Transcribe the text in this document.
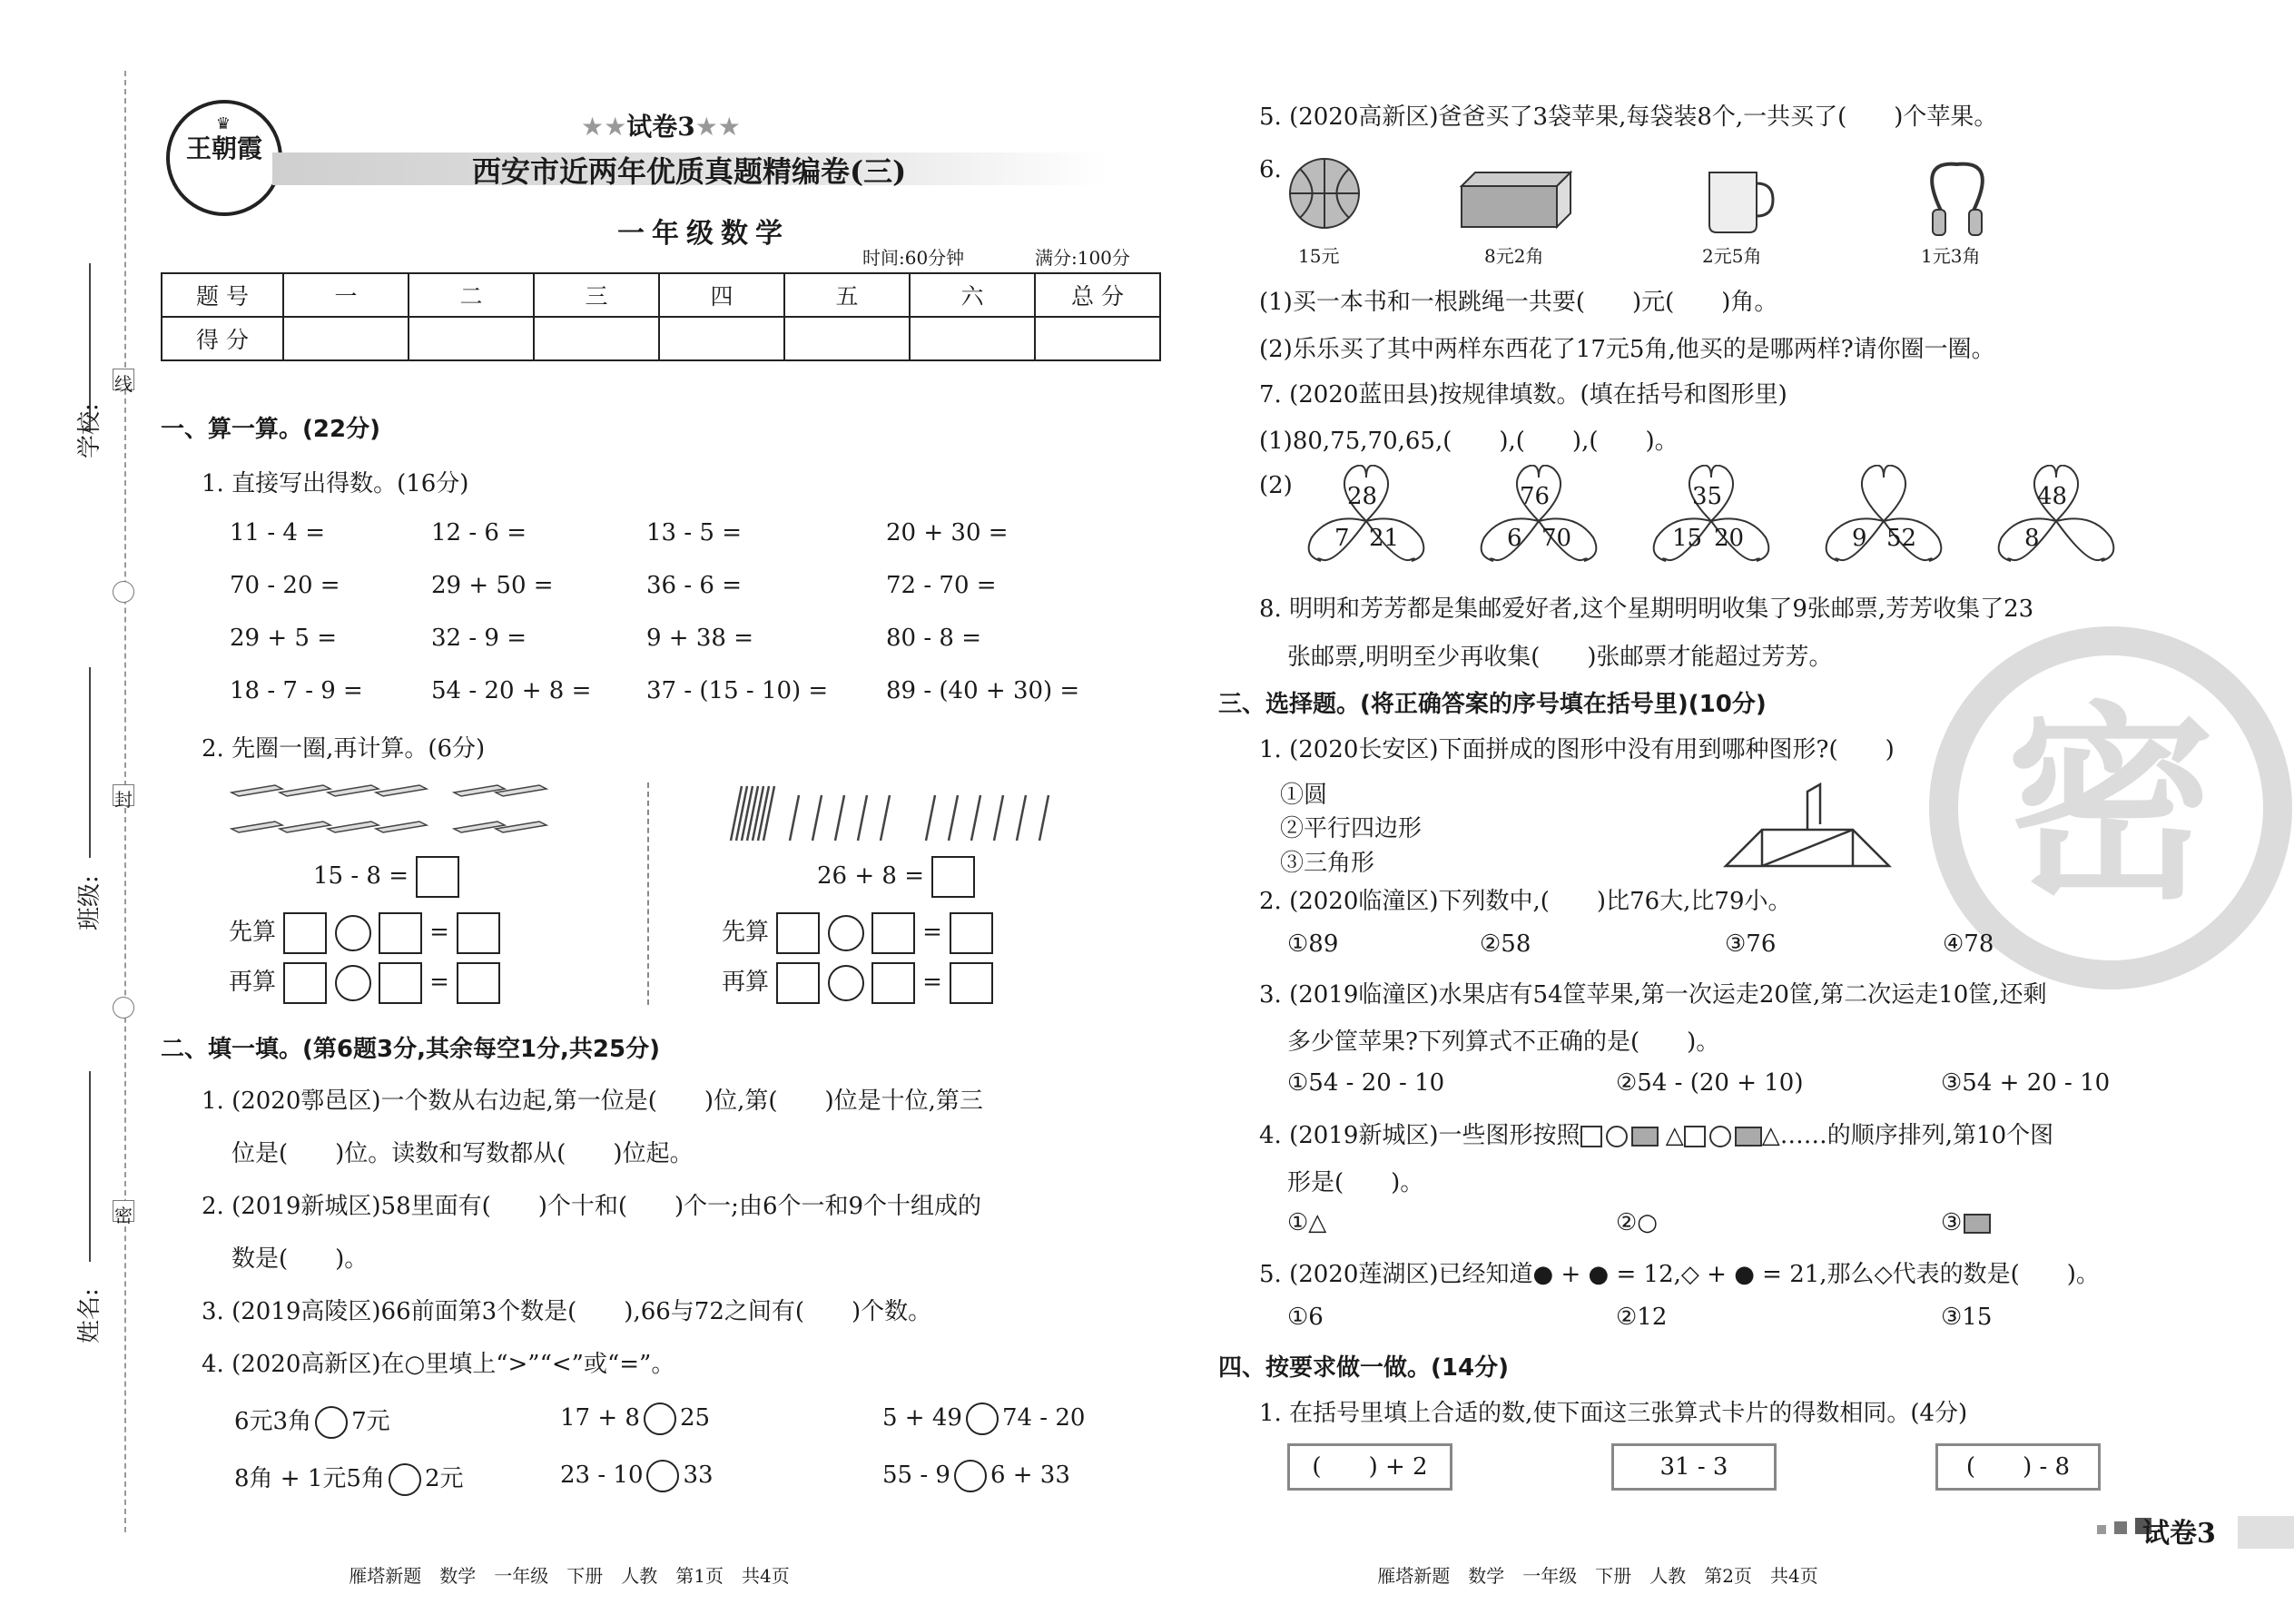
学校:
班级:
姓名:
线
封
密
♛
王朝霞
★★试卷3★★
西安市近两年优质真题精编卷(三)
一年级数学
时间:60分钟	满分:100分
题 号	一	二	三	四	五	六	总 分
得 分							
一、算一算。(22分)
1. 直接写出得数。(16分)
11 - 4 =	12 - 6 =	13 - 5 =	20 + 30 =
70 - 20 =	29 + 50 =	36 - 6 =	72 - 70 =
29 + 5 =	32 - 9 =	9 + 38 =	80 - 8 =
18 - 7 - 9 =	54 - 20 + 8 = 37 - (15 - 10) = 89 - (40 + 30) =
2. 先圈一圈,再计算。(6分)
15 - 8 =	26 + 8 =
先算	=
再算	=
先算	=
再算	=
二、填一填。(第6题3分,其余每空1分,共25分)
1. (2020鄠邑区)一个数从右边起,第一位是(　　)位,第(　　)位是十位,第三
位是(　　)位。读数和写数都从(　　)位起。
2. (2019新城区)58里面有(　　)个十和(　　)个一;由6个一和9个十组成的
数是(　　)。
3. (2019高陵区)66前面第3个数是(　　),66与72之间有(　　)个数。
4. (2020高新区)在○里填上“>”“<”或“=”。
6元3角 7元	17 + 8 25	5 + 49 74 - 20
8角 + 1元5角 2元	23 - 10 33	55 - 9 6 + 33
雁塔新题　数学　一年级　下册　人教　第1页　共4页
密
5. (2020高新区)爸爸买了3袋苹果,每袋装8个,一共买了(　　)个苹果。
6.
15元	8元2角	2元5角	1元3角
(1)买一本书和一根跳绳一共要(　　)元(　　)角。
(2)乐乐买了其中两样东西花了17元5角,他买的是哪两样?请你圈一圈。
7. (2020蓝田县)按规律填数。(填在括号和图形里)
(1)80,75,70,65,(　　),(　　),(　　)。
(2) 28
7 21
76
6 70
35
15 20	9 52
48
8
8. 明明和芳芳都是集邮爱好者,这个星期明明收集了9张邮票,芳芳收集了23
张邮票,明明至少再收集(　　)张邮票才能超过芳芳。
三、选择题。(将正确答案的序号填在括号里)(10分)
1. (2020长安区)下面拼成的图形中没有用到哪种图形?(　　)
①圆
②平行四边形
③三角形
2. (2020临潼区)下列数中,(　　)比76大,比79小。
①89	②58	③76	④78
3. (2019临潼区)水果店有54筐苹果,第一次运走20筐,第二次运走10筐,还剩
多少筐苹果?下列算式不正确的是(　　)。
①54 - 20 - 10	②54 - (20 + 10)	③54 + 20 - 10
4. (2019新城区)一些图形按照	△	△……的顺序排列,第10个图
形是(　　)。
①△	②○	③
5. (2020莲湖区)已经知道● + ● = 12,◇ + ● = 21,那么◇代表的数是(　　)。
①6	②12	③15
四、按要求做一做。(14分)
1. 在括号里填上合适的数,使下面这三张算式卡片的得数相同。(4分)
(　　) + 2	31 - 3	(　　) - 8
雁塔新题　数学　一年级　下册　人教　第2页　共4页

试卷3
